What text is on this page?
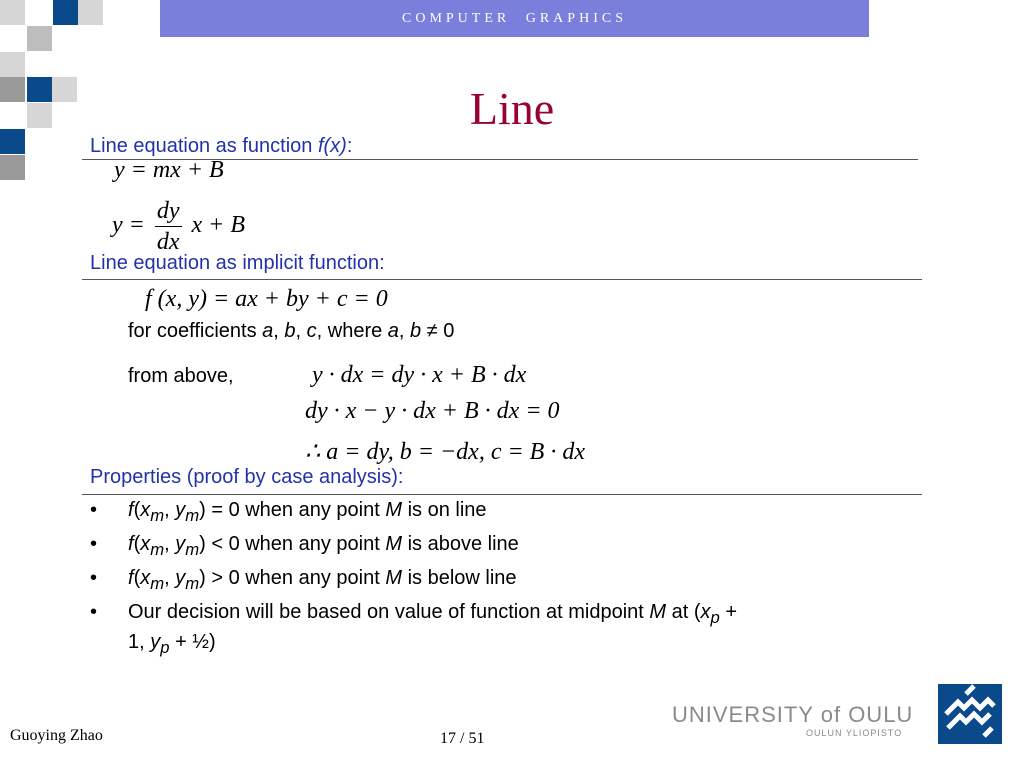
COMPUTER GRAPHICS
Line
Line equation as function f(x):
y = mx + B
$y = \frac{dy}{dx}$ x + B
Line equation as implicit function:
f (x, y) = ax + by + c = 0
for coefficients a, b, c, where a, b ≠ 0
from above,	y · dx = dy · x + B · dx
dy · x − y · dx + B · dx = 0
∴ a = dy, b = −dx, c = B · dx
Properties (proof by case analysis):
• $f(x_m$, $y_m) = 0$ when any point M is on line
• $f(x_m$, $y_m) < 0$ when any point M is above line
• $f(x_m$, $y_m) > 0$ when any point M is below line
• Our decision will be based on value of function at midpoint M at ($x_p$ +
1, $y_p$ + ½)
Guoying Zhao	17 / 51
UNIVERSITY of OULU
OULUN YLIOPISTO
